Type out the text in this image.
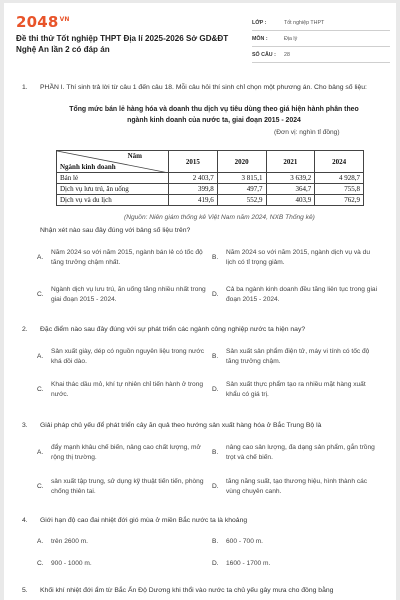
$2048^{VN}$
Đề thi thử Tốt nghiệp THPT Địa lí 2025-2026 Sở GD&ĐT Nghệ An lần 2 có đáp án
LỚP :	Tốt nghiệp THPT
MÔN :	Địa lý
SỐ CÂU :	28
1. PHẦN I. Thí sinh trả lời từ câu 1 đến câu 18. Mỗi câu hỏi thí sinh chỉ chọn một phương án. Cho bảng số liệu:
Tổng mức bán lẻ hàng hóa và doanh thu dịch vụ tiêu dùng theo giá hiện hành phân theo ngành kinh doanh của nước ta, giai đoạn 2015 - 2024
(Đơn vị: nghìn tỉ đồng)
Năm
Ngành kinh doanh	2015	2020	2021	2024
Bán lẻ	2 403,7	3 815,1	3 639,2	4 928,7
Dịch vụ lưu trú, ăn uống	399,8	497,7	364,7	755,8
Dịch vụ và du lịch	419,6	552,9	403,9	762,9
(Nguồn: Niên giám thống kê Việt Nam năm 2024, NXB Thống kê)
Nhận xét nào sau đây đúng với bảng số liệu trên?
A.
Năm 2024 so với năm 2015, ngành bán lẻ có tốc độ tăng trưởng chậm nhất.
B.
Năm 2024 so với năm 2015, ngành dịch vụ và du lịch có tỉ trọng giảm.
C.
Ngành dịch vụ lưu trú, ăn uống tăng nhiều nhất trong giai đoạn 2015 - 2024.
D.
Cả ba ngành kinh doanh đều tăng liên tục trong giai đoạn 2015 - 2024.
2. Đặc điểm nào sau đây đúng với sự phát triển các ngành công nghiệp nước ta hiện nay?
A.
Sản xuất giày, dép có nguồn nguyên liệu trong nước khá dồi dào.
B.
Sản xuất sản phẩm điện tử, máy vi tính có tốc độ tăng trưởng chậm.
C.
Khai thác dầu mỏ, khí tự nhiên chỉ tiến hành ở trong nước.
D.
Sản xuất thực phẩm tạo ra nhiều mặt hàng xuất khẩu có giá trị.
3. Giải pháp chủ yếu để phát triển cây ăn quả theo hướng sản xuất hàng hóa ở Bắc Trung Bộ là
A.
đẩy mạnh khâu chế biến, nâng cao chất lượng, mở rộng thị trường.
B.
nâng cao sản lượng, đa dạng sản phẩm, gắn trồng trọt và chế biến.
C.
sản xuất tập trung, sử dụng kỹ thuật tiến tiến, phòng chống thiên tai.
D.
tăng năng suất, tạo thương hiệu, hình thành các vùng chuyên canh.
4. Giới hạn độ cao đai nhiệt đới gió mùa ở miền Bắc nước ta là khoảng
A. trên 2600 m.	B. 600 - 700 m.
C. 900 - 1000 m.	D. 1600 - 1700 m.
5. Khối khí nhiệt đới ẩm từ Bắc Ấn Độ Dương khi thổi vào nước ta chủ yếu gây mưa cho đồng bằng
